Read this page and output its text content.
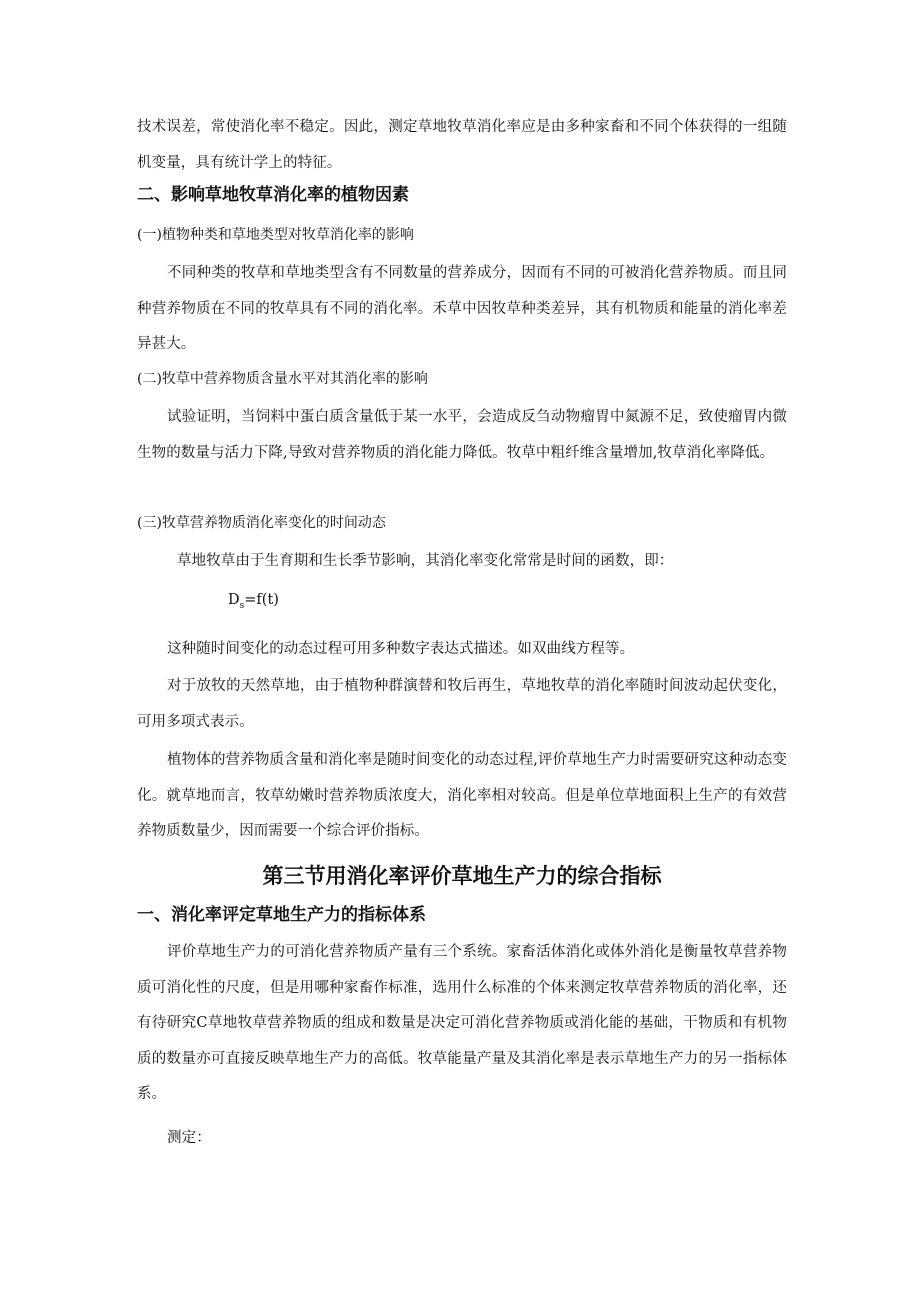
技术误差，常使消化率不稳定。因此，测定草地牧草消化率应是由多种家畜和不同个体获得的一组随机变量，具有统计学上的特征。

二、影响草地牧草消化率的植物因素

(一)植物种类和草地类型对牧草消化率的影响

不同种类的牧草和草地类型含有不同数量的营养成分，因而有不同的可被消化营养物质。而且同种营养物质在不同的牧草具有不同的消化率。禾草中因牧草种类差异，其有机物质和能量的消化率差异甚大。

(二)牧草中营养物质含量水平对其消化率的影响

试验证明，当饲料中蛋白质含量低于某一水平，会造成反刍动物瘤胃中氮源不足，致使瘤胃内微生物的数量与活力下降,导致对营养物质的消化能力降低。牧草中粗纤维含量增加,牧草消化率降低。

(三)牧草营养物质消化率变化的时间动态

草地牧草由于生育期和生长季节影响，其消化率变化常常是时间的函数，即：

$D_s=f(t)$

这种随时间变化的动态过程可用多种数字表达式描述。如双曲线方程等。

对于放牧的天然草地，由于植物种群演替和牧后再生，草地牧草的消化率随时间波动起伏变化，可用多项式表示。

植物体的营养物质含量和消化率是随时间变化的动态过程,评价草地生产力时需要研究这种动态变化。就草地而言，牧草幼嫩时营养物质浓度大，消化率相对较高。但是单位草地面积上生产的有效营养物质数量少，因而需要一个综合评价指标。

第三节用消化率评价草地生产力的综合指标
一、消化率评定草地生产力的指标体系

评价草地生产力的可消化营养物质产量有三个系统。家畜活体消化或体外消化是衡量牧草营养物质可消化性的尺度，但是用哪种家畜作标准，选用什么标准的个体来测定牧草营养物质的消化率，还有待研究C草地牧草营养物质的组成和数量是决定可消化营养物质或消化能的基础，干物质和有机物质的数量亦可直接反映草地生产力的高低。牧草能量产量及其消化率是表示草地生产力的另一指标体系。

测定：
